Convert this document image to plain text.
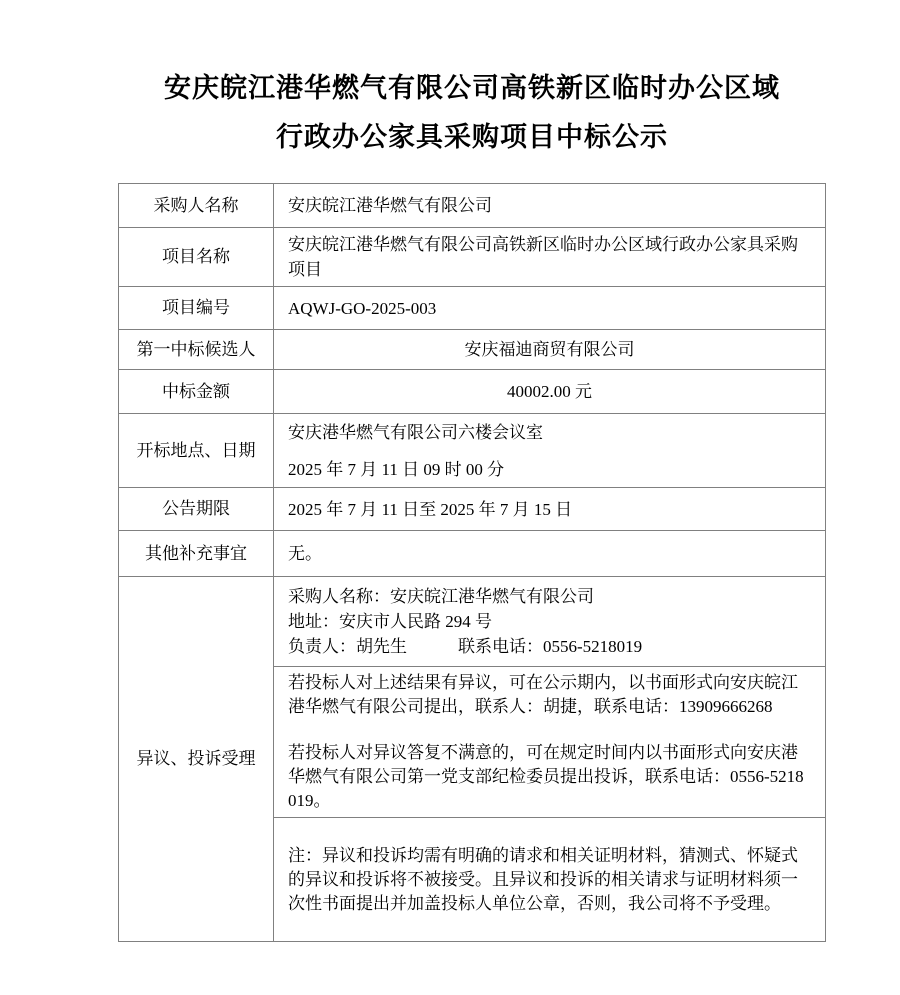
安庆皖江港华燃气有限公司高铁新区临时办公区域
行政办公家具采购项目中标公示
采购人名称	安庆皖江港华燃气有限公司
项目名称	安庆皖江港华燃气有限公司高铁新区临时办公区域行政办公家具采购项目
项目编号	AQWJ-GO-2025-003
第一中标候选人	安庆福迪商贸有限公司
中标金额	40002.00 元
开标地点、日期	安庆港华燃气有限公司六楼会议室

2025 年 7 月 11 日 09 时 00 分

公告期限	2025 年 7 月 11 日至 2025 年 7 月 15 日
其他补充事宜	无。
异议、投诉受理	采购人名称：安庆皖江港华燃气有限公司

地址：安庆市人民路 294 号

负责人：胡先生　　　联系电话：0556-5218019

	若投标人对上述结果有异议，可在公示期内，以书面形式向安庆皖江港华燃气有限公司提出，联系人：胡捷，联系电话：13909666268

若投标人对异议答复不满意的，可在规定时间内以书面形式向安庆港华燃气有限公司第一党支部纪检委员提出投诉，联系电话：0556-5218019。

	注：异议和投诉均需有明确的请求和相关证明材料，猜测式、怀疑式的异议和投诉将不被接受。且异议和投诉的相关请求与证明材料须一次性书面提出并加盖投标人单位公章，否则，我公司将不予受理。
